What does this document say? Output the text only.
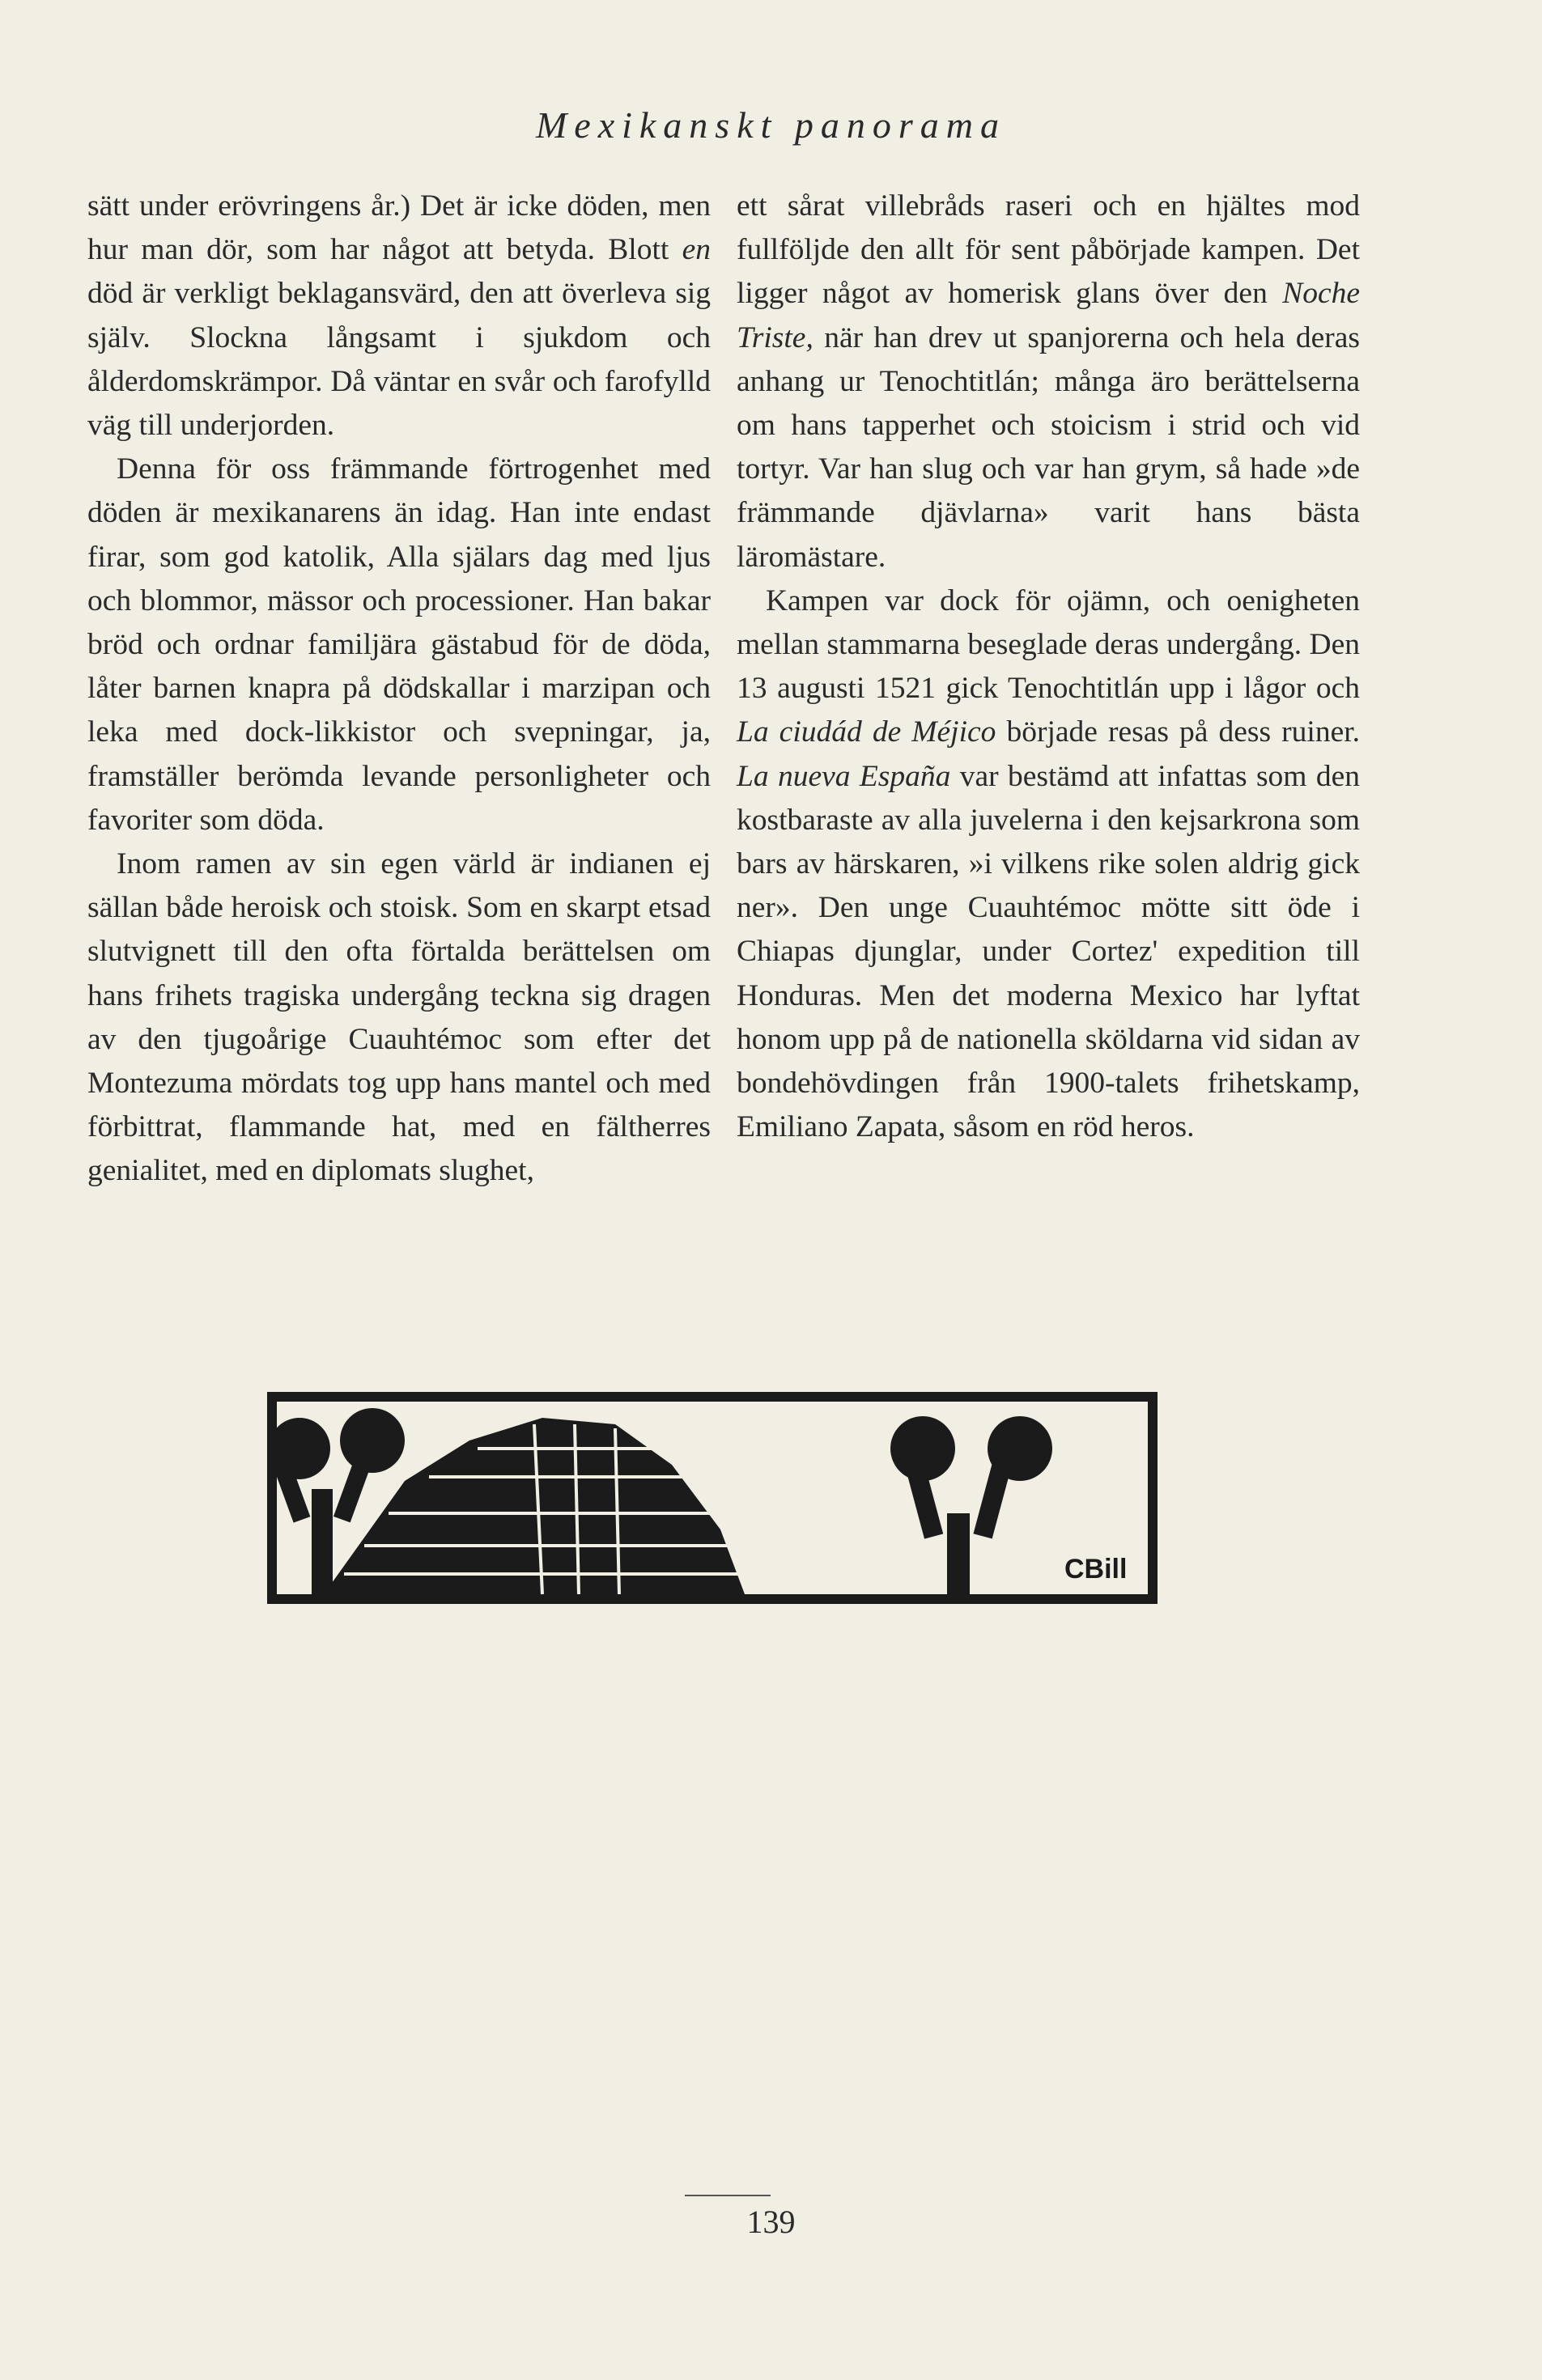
Mexikanskt panorama

sätt under erövringens år.) Det är icke döden, men hur man dör, som har något att betyda. Blott en död är verkligt beklagansvärd, den att överleva sig själv. Slockna långsamt i sjukdom och ålderdomskrämpor. Då väntar en svår och farofylld väg till underjorden.

Denna för oss främmande förtrogenhet med döden är mexikanarens än idag. Han inte endast firar, som god katolik, Alla själars dag med ljus och blommor, mässor och processioner. Han bakar bröd och ordnar familjära gästabud för de döda, låter barnen knapra på dödskallar i marzipan och leka med dock-likkistor och svepningar, ja, framställer berömda levande personligheter och favoriter som döda.

Inom ramen av sin egen värld är indianen ej sällan både heroisk och stoisk. Som en skarpt etsad slutvignett till den ofta förtalda berättelsen om hans frihets tragiska undergång teckna sig dragen av den tjugoårige Cuauhtémoc som efter det Montezuma mördats tog upp hans mantel och med förbittrat, flammande hat, med en fältherres genialitet, med en diplomats slughet,

ett sårat villebråds raseri och en hjältes mod fullföljde den allt för sent påbörjade kampen. Det ligger något av homerisk glans över den Noche Triste, när han drev ut spanjorerna och hela deras anhang ur Tenochtitlán; många äro berättelserna om hans tapperhet och stoicism i strid och vid tortyr. Var han slug och var han grym, så hade »de främmande djävlarna» varit hans bästa läromästare.

Kampen var dock för ojämn, och oenigheten mellan stammarna beseglade deras undergång. Den 13 augusti 1521 gick Tenochtitlán upp i lågor och La ciudád de Méjico började resas på dess ruiner. La nueva España var bestämd att infattas som den kostbaraste av alla juvelerna i den kejsarkrona som bars av härskaren, »i vilkens rike solen aldrig gick ner». Den unge Cuauhtémoc mötte sitt öde i Chiapas djunglar, under Cortez' expedition till Honduras. Men det moderna Mexico har lyftat honom upp på de nationella sköldarna vid sidan av bondehövdingen från 1900-talets frihetskamp, Emiliano Zapata, såsom en röd heros.

CBill
139
